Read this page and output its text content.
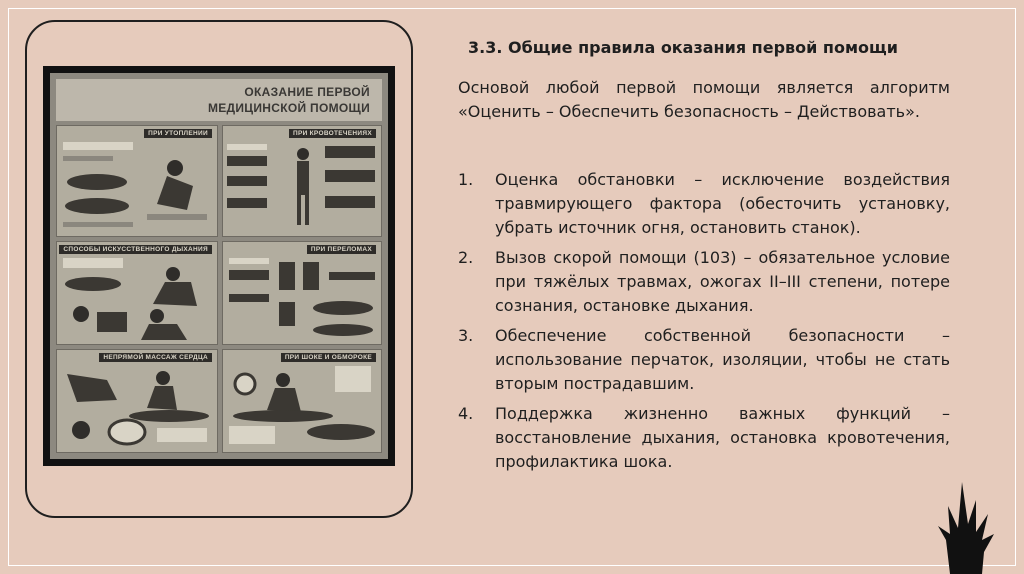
ОКАЗАНИЕ ПЕРВОЙ
МЕДИЦИНСКОЙ ПОМОЩИ
ПРИ УТОПЛЕНИИ	ПРИ КРОВОТЕЧЕНИЯХ
СПОСОБЫ ИСКУССТВЕННОГО ДЫХАНИЯ	ПРИ ПЕРЕЛОМАХ
НЕПРЯМОЙ МАССАЖ СЕРДЦА	ПРИ ШОКЕ И ОБМОРОКЕ
3.3. Общие правила оказания первой помощи

Основой любой первой помощи является алгоритм «Оценить – Обеспечить безопасность – Действовать».

1. Оценка обстановки – исключение воздействия травмирующего фактора (обесточить установку, убрать источник огня, остановить станок).
2. Вызов скорой помощи (103) – обязательное условие при тяжёлых травмах, ожогах II–III степени, потере сознания, остановке дыхания.
3. Обеспечение собственной безопасности – использование перчаток, изоляции, чтобы не стать вторым пострадавшим.
4. Поддержка жизненно важных функций – восстановление дыхания, остановка кровотечения, профилактика шока.
